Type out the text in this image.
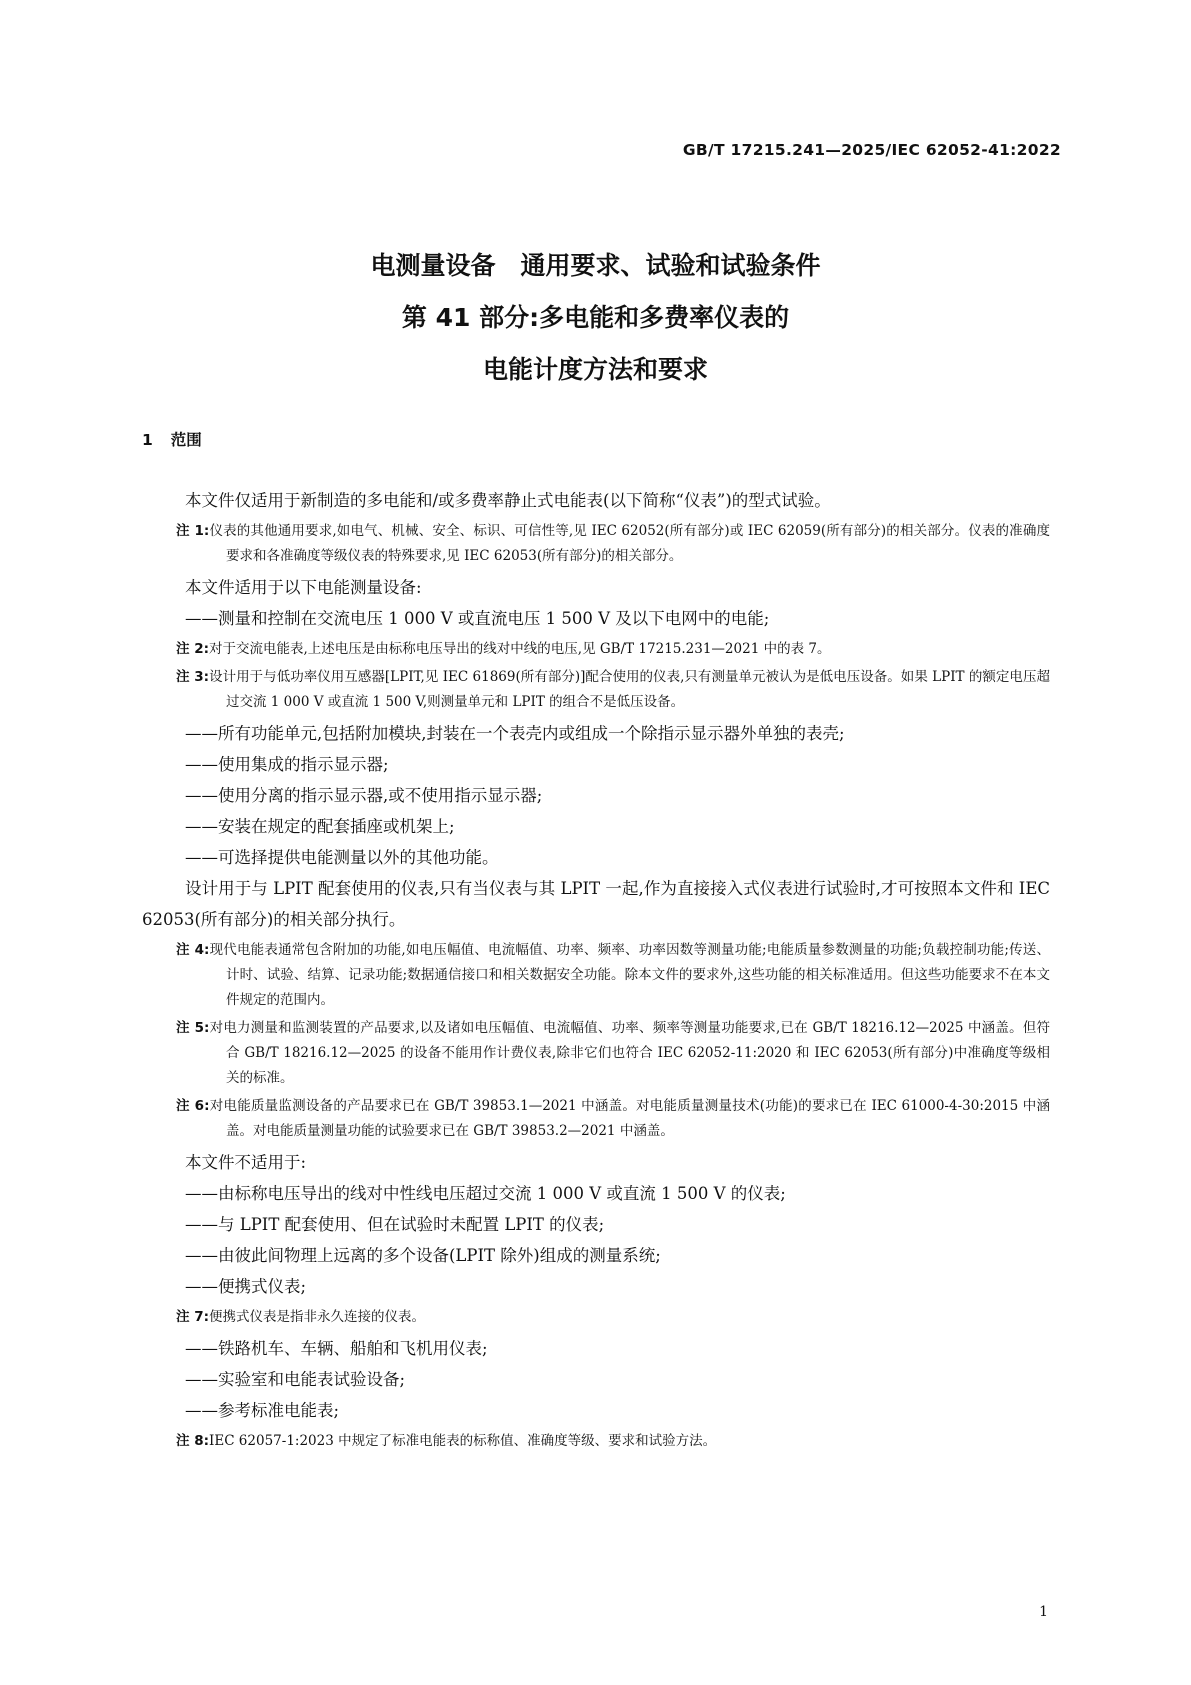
GB/T 17215.241—2025/IEC 62052-41:2022
电测量设备　通用要求、试验和试验条件
第 41 部分:多电能和多费率仪表的
电能计度方法和要求
1 范围
本文件仅适用于新制造的多电能和/或多费率静止式电能表(以下简称“仪表”)的型式试验。
注 1:仪表的其他通用要求,如电气、机械、安全、标识、可信性等,见 IEC 62052(所有部分)或 IEC 62059(所有部分)的相关部分。仪表的准确度要求和各准确度等级仪表的特殊要求,见 IEC 62053(所有部分)的相关部分。
本文件适用于以下电能测量设备:
——测量和控制在交流电压 1 000 V 或直流电压 1 500 V 及以下电网中的电能;
注 2:对于交流电能表,上述电压是由标称电压导出的线对中线的电压,见 GB/T 17215.231—2021 中的表 7。
注 3:设计用于与低功率仪用互感器[LPIT,见 IEC 61869(所有部分)]配合使用的仪表,只有测量单元被认为是低电压设备。如果 LPIT 的额定电压超过交流 1 000 V 或直流 1 500 V,则测量单元和 LPIT 的组合不是低压设备。
——所有功能单元,包括附加模块,封装在一个表壳内或组成一个除指示显示器外单独的表壳;
——使用集成的指示显示器;
——使用分离的指示显示器,或不使用指示显示器;
——安装在规定的配套插座或机架上;
——可选择提供电能测量以外的其他功能。
设计用于与 LPIT 配套使用的仪表,只有当仪表与其 LPIT 一起,作为直接接入式仪表进行试验时,才可按照本文件和 IEC 62053(所有部分)的相关部分执行。
注 4:现代电能表通常包含附加的功能,如电压幅值、电流幅值、功率、频率、功率因数等测量功能;电能质量参数测量的功能;负载控制功能;传送、计时、试验、结算、记录功能;数据通信接口和相关数据安全功能。除本文件的要求外,这些功能的相关标准适用。但这些功能要求不在本文件规定的范围内。
注 5:对电力测量和监测装置的产品要求,以及诸如电压幅值、电流幅值、功率、频率等测量功能要求,已在 GB/T 18216.12—2025 中涵盖。但符合 GB/T 18216.12—2025 的设备不能用作计费仪表,除非它们也符合 IEC 62052-11:2020 和 IEC 62053(所有部分)中准确度等级相关的标准。
注 6:对电能质量监测设备的产品要求已在 GB/T 39853.1—2021 中涵盖。对电能质量测量技术(功能)的要求已在 IEC 61000-4-30:2015 中涵盖。对电能质量测量功能的试验要求已在 GB/T 39853.2—2021 中涵盖。
本文件不适用于:
——由标称电压导出的线对中性线电压超过交流 1 000 V 或直流 1 500 V 的仪表;
——与 LPIT 配套使用、但在试验时未配置 LPIT 的仪表;
——由彼此间物理上远离的多个设备(LPIT 除外)组成的测量系统;
——便携式仪表;
注 7:便携式仪表是指非永久连接的仪表。
——铁路机车、车辆、船舶和飞机用仪表;
——实验室和电能表试验设备;
——参考标准电能表;
注 8:IEC 62057-1:2023 中规定了标准电能表的标称值、准确度等级、要求和试验方法。
1
